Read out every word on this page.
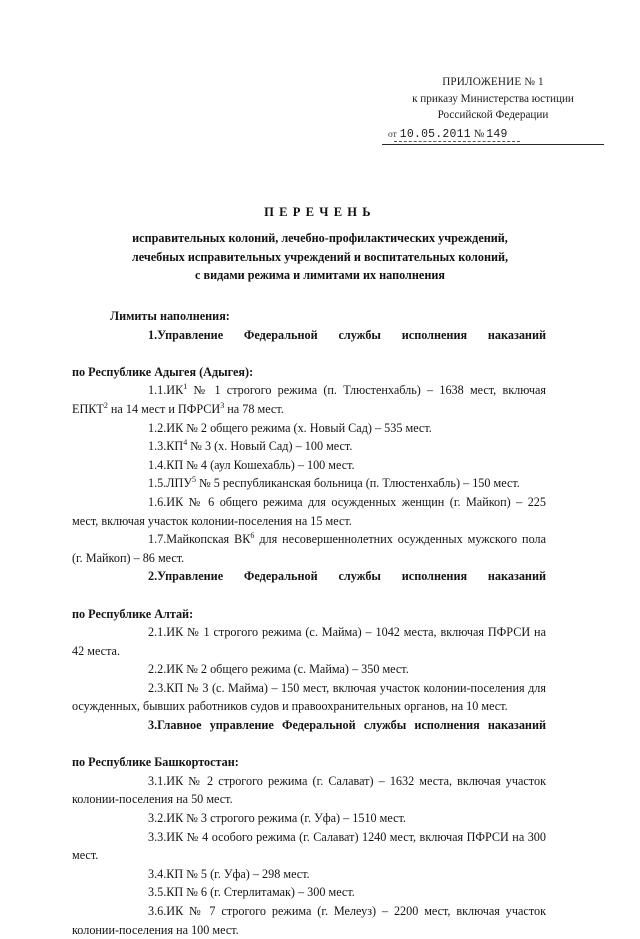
ПРИЛОЖЕНИЕ № 1
к приказу Министерства юстиции
Российской Федерации
от 10.05.2011 № 149
ПЕРЕЧЕНЬ
исправительных колоний, лечебно-профилактических учреждений,
лечебных исправительных учреждений и воспитательных колоний,
с видами режима и лимитами их наполнения

Лимиты наполнения:

1.Управление Федеральной службы исполнения наказаний

по Республике Адыгея (Адыгея):

$1.1.ИК^1$ № 1 строгого режима (п. Тлюстенхабль) – 1638 мест, включая ЕПКТ$^2$ на 14 мест и ПФРСИ$^3$ на 78 мест.

1.2.ИК № 2 общего режима (х. Новый Сад) – 535 мест.

$1.3.КП^4$ № 3 (х. Новый Сад) – 100 мест.

1.4.КП № 4 (аул Кошехабль) – 100 мест.

1.5.ЛПУ$^5$ № 5 республиканская больница (п. Тлюстенхабль) – 150 мест.

1.6.ИК № 6 общего режима для осужденных женщин (г. Майкоп) – 225 мест, включая участок колонии-поселения на 15 мест.

1.7.Майкопская $ВК^6$ для несовершеннолетних осужденных мужского пола (г. Майкоп) – 86 мест.

2.Управление Федеральной службы исполнения наказаний

по Республике Алтай:

2.1.ИК № 1 строгого режима (с. Майма) – 1042 места, включая ПФРСИ на 42 места.

2.2.ИК № 2 общего режима (с. Майма) – 350 мест.

2.3.КП № 3 (с. Майма) – 150 мест, включая участок колонии-поселения для осужденных, бывших работников судов и правоохранительных органов, на 10 мест.

3.Главное управление Федеральной службы исполнения наказаний

по Республике Башкортостан:

3.1.ИК № 2 строгого режима (г. Салават) – 1632 места, включая участок колонии-поселения на 50 мест.

3.2.ИК № 3 строгого режима (г. Уфа) – 1510 мест.

3.3.ИК № 4 особого режима (г. Салават) 1240 мест, включая ПФРСИ на 300 мест.

3.4.КП № 5 (г. Уфа) – 298 мест.

3.5.КП № 6 (г. Стерлитамак) – 300 мест.

3.6.ИК № 7 строгого режима (г. Мелеуз) – 2200 мест, включая участок колонии-поселения на 100 мест.
